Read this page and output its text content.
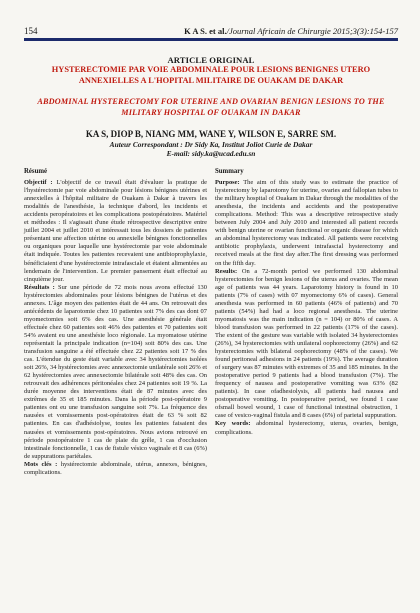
154	K A S. et al./Journal Africain de Chirurgie 2015;3(3):154-157
ARTICLE ORIGINAL
HYSTERECTOMIE PAR VOIE ABDOMINALE POUR LESIONS BENIGNES UTERO ANNEXIELLES A L'HOPITAL MILITAIRE DE OUAKAM DE DAKAR
ABDOMINAL HYSTERECTOMY FOR UTERINE AND OVARIAN BENIGN LESIONS TO THE MILITARY HOSPITAL OF OUAKAM IN DAKAR
KA S, DIOP B, NIANG MM, WANE Y, WILSON E, SARRE SM.
Auteur Correspondant : Dr Sidy Ka, Institut Joliot Curie de Dakar
E-mail: sidy.ka@ucad.edu.sn
Résumé

Objectif : L'objectif de ce travail était d'évaluer la pratique de l'hystérectomie par voie abdominale pour lésions bénignes utérines et annexielles à l'hôpital militaire de Ouakam à Dakar à travers les modalités de l'anesthésie, la technique d'abord, les incidents et accidents peropératoires et les complications postopératoires. Matériel et méthodes : Il s'agissait d'une étude rétrospective descriptive entre juillet 2004 et juillet 2010 et intéressait tous les dossiers de patientes présentant une affection utérine ou annexielle bénignes fonctionnelles ou organiques pour laquelle une hystérectomie par voie abdominale était indiquée. Toutes les patientes recevaient une antibioprophylaxie, bénéficiaient d'une hystérectomie intrafasciale et étaient alimentées au lendemain de l'intervention. Le premier pansement était effectué au cinquième jour.

Résultats : Sur une période de 72 mois nous avons effectué 130 hystérectomies abdominales pour lésions bénignes de l'utérus et des annexes. L'âge moyen des patientes était de 44 ans. On retrouvait des antécédents de laparotomie chez 10 patientes soit 7% des cas dont 07 myomectomies soit 6% des cas. Une anesthésie générale était effectuée chez 60 patientes soit 46% des patientes et 70 patientes soit 54% avaient eu une anesthésie loco régionale. La myomatose utérine représentait la principale indication (n=104) soit 80% des cas. Une transfusion sanguine a été effectuée chez 22 patientes soit 17 % des cas. L'étendue du geste était variable avec 34 hystérectomies isolées soit 26%, 34 hystérectomies avec annexectomie unilatérale soit 26% et 62 hystérectomies avec annexectomie bilatérale soit 48% des cas. On retrouvait des adhérences péritonéales chez 24 patientes soit 19 %. La durée moyenne des interventions était de 87 minutes avec des extrêmes de 35 et 185 minutes. Dans la période post-opératoire 9 patientes ont eu une transfusion sanguine soit 7%. La fréquence des nausées et vomissements post-opératoires était de 63 % soit 82 patientes. En cas d'adhésiolyse, toutes les patientes faisaient des nausées et vomissements post-opératoires. Nous avions retrouvé en période postopératoire 1 cas de plaie du grêle, 1 cas d'occlusion intestinale fonctionnelle, 1 cas de fistule vésico vaginale et 8 cas (6%) de suppurations pariétales.

Mots clés : hystérectomie abdominale, utérus, annexes, bénignes, complications.

Summary

Purpose: The aim of this study was to estimate the practice of hysterectomy by laparotomy for uterine, ovaries and fallopian tubes to the military hospital of Ouakam in Dakar through the modalities of the anesthesia, the incidents and accidents and the postoperative complications. Method: This was a descriptive retrospective study between July 2004 and July 2010 and interested all patient records with benign uterine or ovarian functional or organic disease for which an abdominal hysterectomy was indicated. All patients were receiving antibiotic prophylaxis, underwent intrafascial hysterectomy and received meals at the first day after.The first dressing was performed on the fifth day.

Results: On a 72-month period we performed 130 abdominal hysterectomies for benign lesions of the uterus and ovaries. The mean age of patients was 44 years. Laparotomy history is found in 10 patients (7% of cases) with 07 myomectomy 6% of cases). General anesthesia was performed in 60 patients (46% of patients) and 70 patients (54%) had had a loco regional anesthesia. The uterine myomatosis was the main indication (n = 104) or 80% of cases. A blood transfusion was performed in 22 patients (17% of the cases). The extent of the gesture was variable with isolated 34 hysterectomies (26%), 34 hysterectomies with unilateral oophorectomy (26%) and 62 hysterectomies with bilateral oophorectomy (48% of the cases). We found peritoneal adhesions in 24 patients (19%). The average duration of surgery was 87 minutes with extremes of 35 and 185 minutes. In the postoperative period 9 patients had a blood transfusion (7%). The frequency of nausea and postoperative vomiting was 63% (82 patients). In case ofadhesiolysis, all patients had nausea and postoperative vomiting. In postoperative period, we found 1 case ofsmall bowel wound, 1 case of functional intestinal obstruction, 1 case of vesico-vaginal fistula and 8 cases (6%) of parietal suppuration.

Key words: abdominal hysterectomy, uterus, ovaries, benign, complications.
